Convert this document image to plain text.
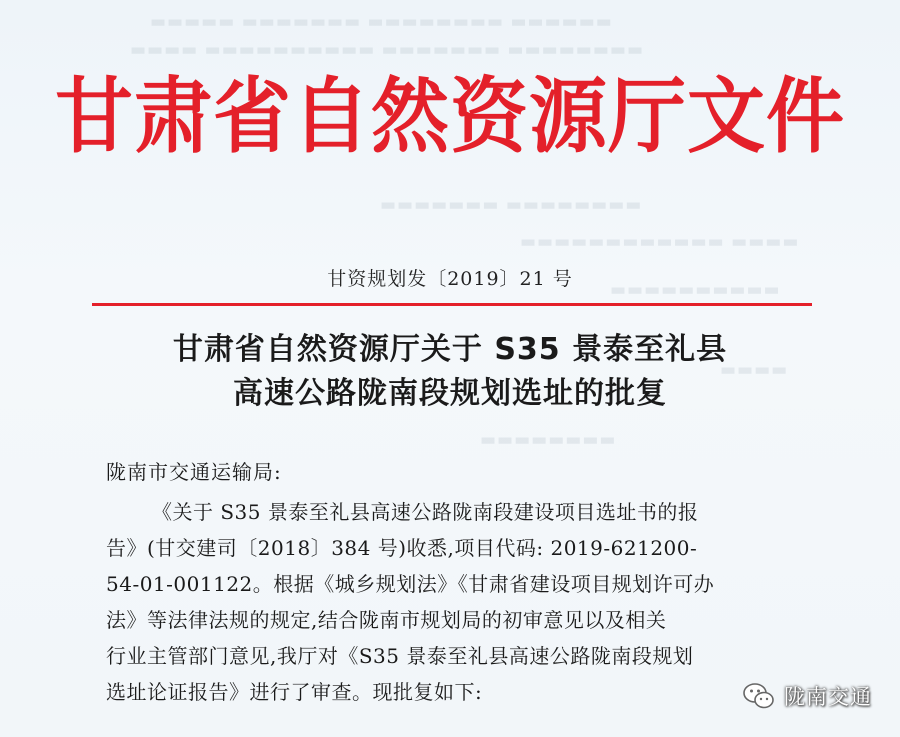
▬▬▬▬▬ ▬▬▬▬▬▬▬ ▬▬▬▬▬▬▬▬ ▬▬▬▬▬▬
▬▬▬▬ ▬▬▬▬▬▬▬▬▬▬ ▬▬▬▬▬▬▬ ▬▬▬▬▬▬▬▬
▬▬▬▬▬▬▬ ▬▬▬▬▬▬▬▬
▬▬▬▬▬▬▬▬▬▬▬▬ ▬▬▬▬
▬▬▬▬▬▬▬▬▬▬
▬▬▬▬
▬▬▬▬▬▬▬▬
甘肃省自然资源厅文件
甘资规划发〔2019〕21 号
甘肃省自然资源厅关于 S35 景泰至礼县
高速公路陇南段规划选址的批复
陇南市交通运输局:
《关于 S35 景泰至礼县高速公路陇南段建设项目选址书的报
告》(甘交建司〔2018〕384 号)收悉,项目代码: 2019-621200-
54-01-001122。根据《城乡规划法》《甘肃省建设项目规划许可办
法》等法律法规的规定,结合陇南市规划局的初审意见以及相关
行业主管部门意见,我厅对《S35 景泰至礼县高速公路陇南段规划
选址论证报告》进行了审查。现批复如下:	陇南交通
